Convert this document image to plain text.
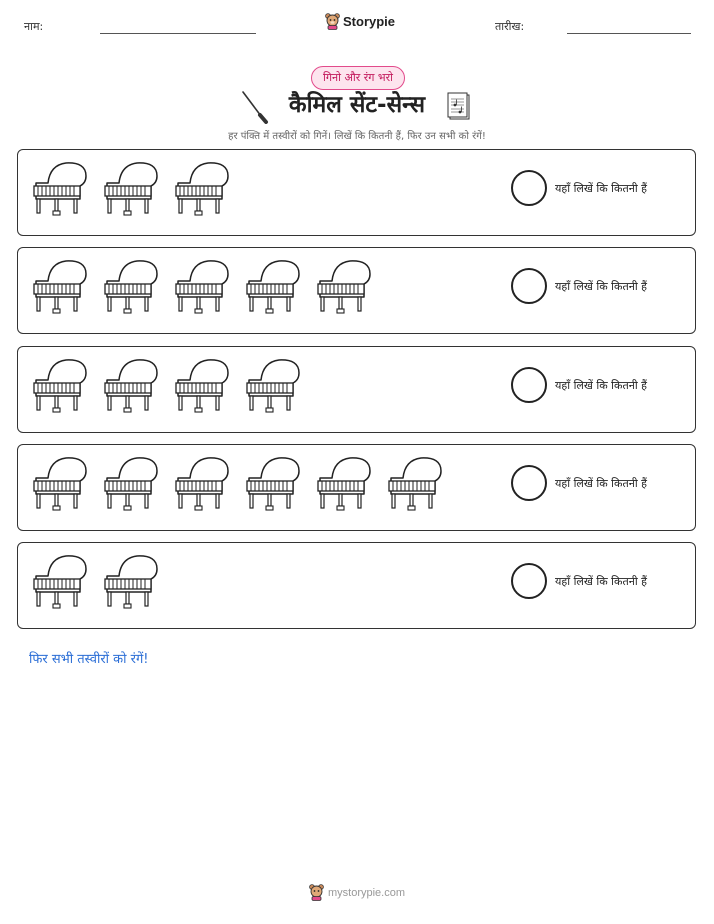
नाम:	Storypie	तारीख:
गिनो और रंग भरो
कैमिल सेंट-सेन्स
हर पंक्ति में तस्वीरों को गिनें। लिखें कि कितनी हैं, फिर उन सभी को रंगें!
यहाँ लिखें कि कितनी हैं
यहाँ लिखें कि कितनी हैं
यहाँ लिखें कि कितनी हैं
यहाँ लिखें कि कितनी हैं
यहाँ लिखें कि कितनी हैं
फिर सभी तस्वीरों को रंगें!
mystorypie.com
